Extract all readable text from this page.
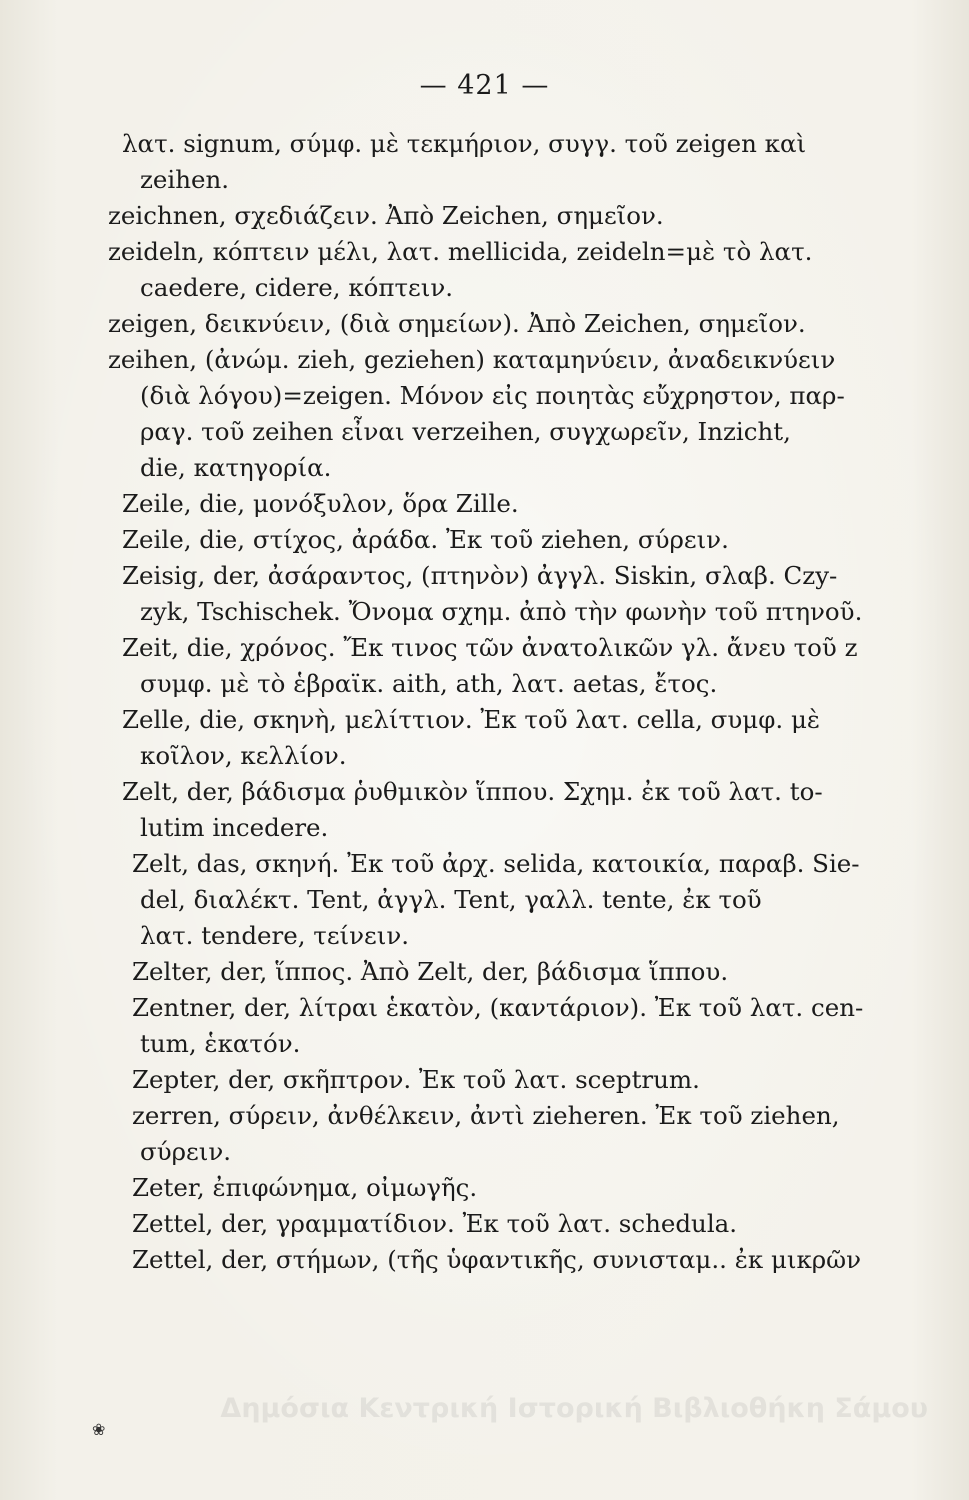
— 421 —
λατ. signum, σύμφ. μὲ τεκμήριον, συγγ. τοῦ zeigen καὶ
zeihen.
zeichnen, σχεδιάζειν. Ἀπὸ Zeichen, σημεῖον.
zeideln, κόπτειν μέλι, λατ. mellicida, zeideln=μὲ τὸ λατ.
caedere, cidere, κόπτειν.
zeigen, δεικνύειν, (διὰ σημείων). Ἀπὸ Zeichen, σημεῖον.
zeihen, (ἀνώμ. zieh, geziehen) καταμηνύειν, ἀναδεικνύειν
(διὰ λόγου)=zeigen. Μόνον εἰς ποιητὰς εὔχρηστον, παρ-
ραγ. τοῦ zeihen εἶναι verzeihen, συγχωρεῖν, Inzicht,
die, κατηγορία.
Zeile, die, μονόξυλον, ὅρα Zille.
Zeile, die, στίχος, ἀράδα. Ἐκ τοῦ ziehen, σύρειν.
Zeisig, der, ἀσάραντος, (πτηνὸν) ἀγγλ. Siskin, σλαβ. Czy-
zyk, Tschischek. Ὄνομα σχημ. ἀπὸ τὴν φωνὴν τοῦ πτηνοῦ.
Zeit, die, χρόνος. Ἔκ τινος τῶν ἀνατολικῶν γλ. ἄνευ τοῦ z
συμφ. μὲ τὸ ἑβραϊκ. aith, ath, λατ. aetas, ἔτος.
Zelle, die, σκηνὴ, μελίττιον. Ἐκ τοῦ λατ. cella, συμφ. μὲ
κοῖλον, κελλίον.
Zelt, der, βάδισμα ῥυθμικὸν ἵππου. Σχημ. ἐκ τοῦ λατ. to-
lutim incedere.
Zelt, das, σκηνή. Ἐκ τοῦ ἀρχ. selida, κατοικία, παραβ. Sie-
del, διαλέκτ. Tent, ἀγγλ. Tent, γαλλ. tente, ἐκ τοῦ
λατ. tendere, τείνειν.
Zelter, der, ἵππος. Ἀπὸ Zelt, der, βάδισμα ἵππου.
Zentner, der, λίτραι ἑκατὸν, (καντάριον). Ἐκ τοῦ λατ. cen-
tum, ἑκατόν.
Zepter, der, σκῆπτρον. Ἐκ τοῦ λατ. sceptrum.
zerren, σύρειν, ἀνθέλκειν, ἀντὶ zieheren. Ἐκ τοῦ ziehen,
σύρειν.
Zeter, ἐπιφώνημα, οἰμωγῆς.
Zettel, der, γραμματίδιον. Ἐκ τοῦ λατ. schedula.
Zettel, der, στήμων, (τῆς ὑφαντικῆς, συνισταμ.. ἐκ μικρῶν
Δημόσια Κεντρική Ιστορική Βιβλιοθήκη Σάμου
❀
